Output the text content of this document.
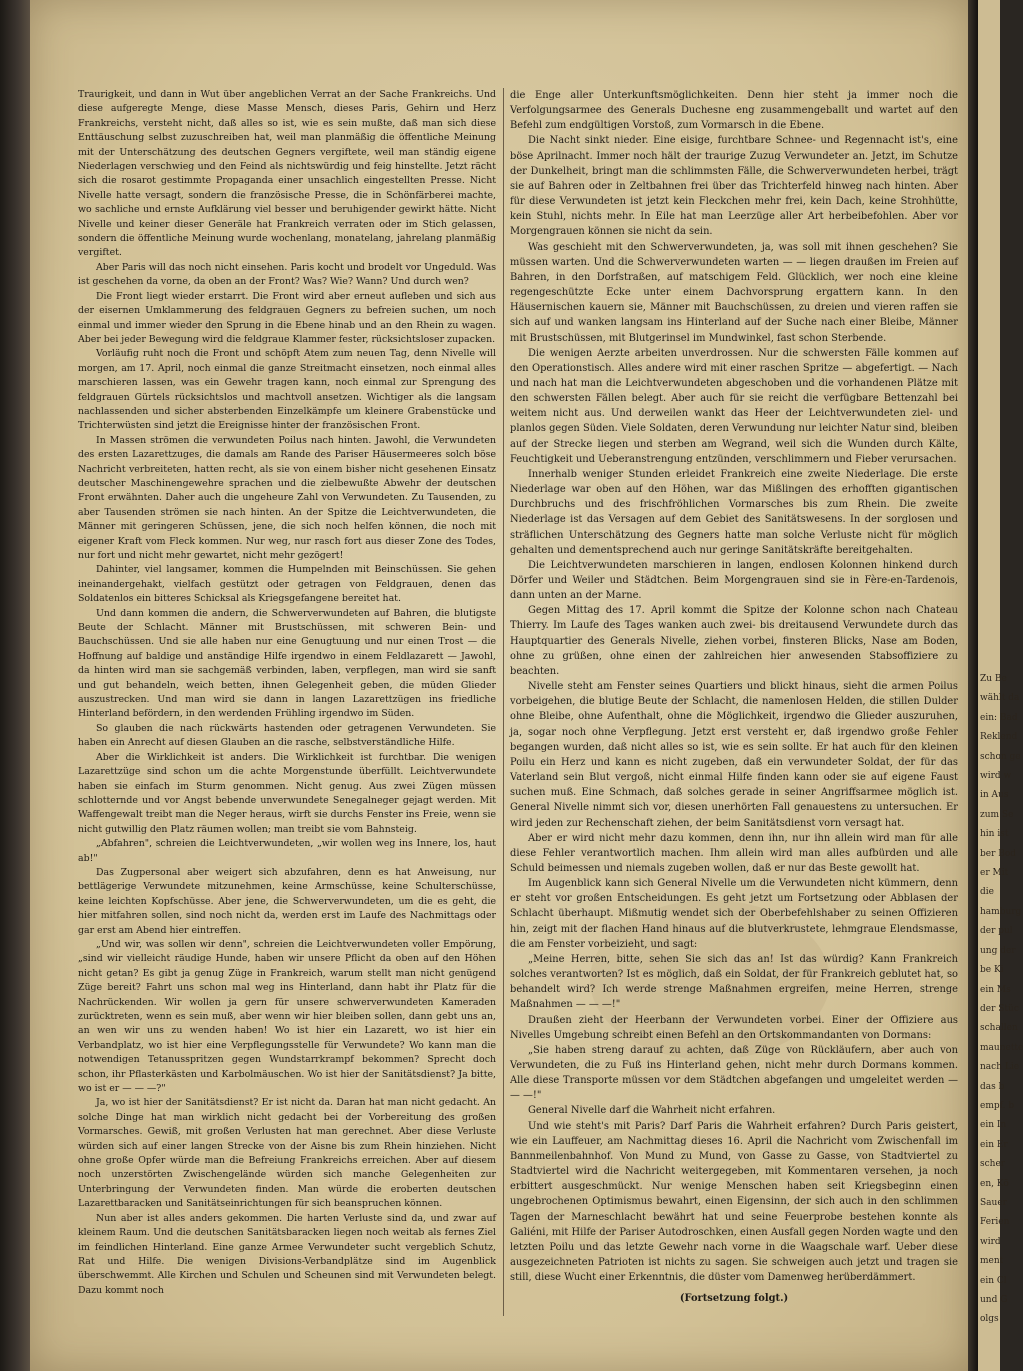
Traurigkeit, und dann in Wut über angeblichen Verrat an der Sache Frankreichs. Und diese aufgeregte Menge, diese Masse Mensch, dieses Paris, Gehirn und Herz Frankreichs, versteht nicht, daß alles so ist, wie es sein mußte, daß man sich diese Enttäuschung selbst zuzuschreiben hat, weil man planmäßig die öffentliche Meinung mit der Unterschätzung des deutschen Gegners vergiftete, weil man ständig eigene Niederlagen verschwieg und den Feind als nichtswürdig und feig hinstellte. Jetzt rächt sich die rosarot gestimmte Propaganda einer unsachlich eingestellten Presse. Nicht Nivelle hatte versagt, sondern die französische Presse, die in Schönfärberei machte, wo sachliche und ernste Aufklärung viel besser und beruhigender gewirkt hätte. Nicht Nivelle und keiner dieser Generäle hat Frankreich verraten oder im Stich gelassen, sondern die öffentliche Meinung wurde wochenlang, monatelang, jahrelang planmäßig vergiftet.

Aber Paris will das noch nicht einsehen. Paris kocht und brodelt vor Ungeduld. Was ist geschehen da vorne, da oben an der Front? Was? Wie? Wann? Und durch wen?

Die Front liegt wieder erstarrt. Die Front wird aber erneut aufleben und sich aus der eisernen Umklammerung des feldgrauen Gegners zu befreien suchen, um noch einmal und immer wieder den Sprung in die Ebene hinab und an den Rhein zu wagen. Aber bei jeder Bewegung wird die feldgraue Klammer fester, rücksichtsloser zupacken.

Vorläufig ruht noch die Front und schöpft Atem zum neuen Tag, denn Nivelle will morgen, am 17. April, noch einmal die ganze Streitmacht einsetzen, noch einmal alles marschieren lassen, was ein Gewehr tragen kann, noch einmal zur Sprengung des feldgrauen Gürtels rücksichtslos und machtvoll ansetzen. Wichtiger als die langsam nachlassenden und sicher absterbenden Einzelkämpfe um kleinere Grabenstücke und Trichterwüsten sind jetzt die Ereignisse hinter der französischen Front.

In Massen strömen die verwundeten Poilus nach hinten. Jawohl, die Verwundeten des ersten Lazarettzuges, die damals am Rande des Pariser Häusermeeres solch böse Nachricht verbreiteten, hatten recht, als sie von einem bisher nicht gesehenen Einsatz deutscher Maschinengewehre sprachen und die zielbewußte Abwehr der deutschen Front erwähnten. Daher auch die ungeheure Zahl von Verwundeten. Zu Tausenden, zu aber Tausenden strömen sie nach hinten. An der Spitze die Leichtverwundeten, die Männer mit geringeren Schüssen, jene, die sich noch helfen können, die noch mit eigener Kraft vom Fleck kommen. Nur weg, nur rasch fort aus dieser Zone des Todes, nur fort und nicht mehr gewartet, nicht mehr gezögert!

Dahinter, viel langsamer, kommen die Humpelnden mit Beinschüssen. Sie gehen ineinandergehakt, vielfach gestützt oder getragen von Feldgrauen, denen das Soldatenlos ein bitteres Schicksal als Kriegsgefangene bereitet hat.

Und dann kommen die andern, die Schwerverwundeten auf Bahren, die blutigste Beute der Schlacht. Männer mit Brustschüssen, mit schweren Bein- und Bauchschüssen. Und sie alle haben nur eine Genugtuung und nur einen Trost — die Hoffnung auf baldige und anständige Hilfe irgendwo in einem Feldlazarett — Jawohl, da hinten wird man sie sachgemäß verbinden, laben, verpflegen, man wird sie sanft und gut behandeln, weich betten, ihnen Gelegenheit geben, die müden Glieder auszustrecken. Und man wird sie dann in langen Lazarettzügen ins friedliche Hinterland befördern, in den werdenden Frühling irgendwo im Süden.

So glauben die nach rückwärts hastenden oder getragenen Verwundeten. Sie haben ein Anrecht auf diesen Glauben an die rasche, selbstverständliche Hilfe.

Aber die Wirklichkeit ist anders. Die Wirklichkeit ist furchtbar. Die wenigen Lazarettzüge sind schon um die achte Morgenstunde überfüllt. Leichtverwundete haben sie einfach im Sturm genommen. Nicht genug. Aus zwei Zügen müssen schlotternde und vor Angst bebende unverwundete Senegalneger gejagt werden. Mit Waffengewalt treibt man die Neger heraus, wirft sie durchs Fenster ins Freie, wenn sie nicht gutwillig den Platz räumen wollen; man treibt sie vom Bahnsteig.

„Abfahren", schreien die Leichtverwundeten, „wir wollen weg ins Innere, los, haut ab!"

Das Zugpersonal aber weigert sich abzufahren, denn es hat Anweisung, nur bettlägerige Verwundete mitzunehmen, keine Armschüsse, keine Schulterschüsse, keine leichten Kopfschüsse. Aber jene, die Schwerverwundeten, um die es geht, die hier mitfahren sollen, sind noch nicht da, werden erst im Laufe des Nachmittags oder gar erst am Abend hier eintreffen.

„Und wir, was sollen wir denn", schreien die Leichtverwundeten voller Empörung, „sind wir vielleicht räudige Hunde, haben wir unsere Pflicht da oben auf den Höhen nicht getan? Es gibt ja genug Züge in Frankreich, warum stellt man nicht genügend Züge bereit? Fahrt uns schon mal weg ins Hinterland, dann habt ihr Platz für die Nachrückenden. Wir wollen ja gern für unsere schwerverwundeten Kameraden zurücktreten, wenn es sein muß, aber wenn wir hier bleiben sollen, dann gebt uns an, an wen wir uns zu wenden haben! Wo ist hier ein Lazarett, wo ist hier ein Verbandplatz, wo ist hier eine Verpflegungsstelle für Verwundete? Wo kann man die notwendigen Tetanusspritzen gegen Wundstarrkrampf bekommen? Sprecht doch schon, ihr Pflasterkästen und Karbolmäuschen. Wo ist hier der Sanitätsdienst? Ja bitte, wo ist er — — —?"

Ja, wo ist hier der Sanitätsdienst? Er ist nicht da. Daran hat man nicht gedacht. An solche Dinge hat man wirklich nicht gedacht bei der Vorbereitung des großen Vormarsches. Gewiß, mit großen Verlusten hat man gerechnet. Aber diese Verluste würden sich auf einer langen Strecke von der Aisne bis zum Rhein hinziehen. Nicht ohne große Opfer würde man die Befreiung Frankreichs erreichen. Aber auf diesem noch unzerstörten Zwischengelände würden sich manche Gelegenheiten zur Unterbringung der Verwundeten finden. Man würde die eroberten deutschen Lazarettbaracken und Sanitätseinrichtungen für sich beanspruchen können.

Nun aber ist alles anders gekommen. Die harten Verluste sind da, und zwar auf kleinem Raum. Und die deutschen Sanitätsbaracken liegen noch weitab als fernes Ziel im feindlichen Hinterland. Eine ganze Armee Verwundeter sucht vergeblich Schutz, Rat und Hilfe. Die wenigen Divisions-Verbandplätze sind im Augenblick überschwemmt. Alle Kirchen und Schulen und Scheunen sind mit Verwundeten belegt. Dazu kommt noch

die Enge aller Unterkunftsmöglichkeiten. Denn hier steht ja immer noch die Verfolgungsarmee des Generals Duchesne eng zusammengeballt und wartet auf den Befehl zum endgültigen Vorstoß, zum Vormarsch in die Ebene.

Die Nacht sinkt nieder. Eine eisige, furchtbare Schnee- und Regennacht ist's, eine böse Aprilnacht. Immer noch hält der traurige Zuzug Verwundeter an. Jetzt, im Schutze der Dunkelheit, bringt man die schlimmsten Fälle, die Schwerverwundeten herbei, trägt sie auf Bahren oder in Zeltbahnen frei über das Trichterfeld hinweg nach hinten. Aber für diese Verwundeten ist jetzt kein Fleckchen mehr frei, kein Dach, keine Strohhütte, kein Stuhl, nichts mehr. In Eile hat man Leerzüge aller Art herbeibefohlen. Aber vor Morgengrauen können sie nicht da sein.

Was geschieht mit den Schwerverwundeten, ja, was soll mit ihnen geschehen? Sie müssen warten. Und die Schwerverwundeten warten — — liegen draußen im Freien auf Bahren, in den Dorfstraßen, auf matschigem Feld. Glücklich, wer noch eine kleine regengeschützte Ecke unter einem Dachvorsprung ergattern kann. In den Häusernischen kauern sie, Männer mit Bauchschüssen, zu dreien und vieren raffen sie sich auf und wanken langsam ins Hinterland auf der Suche nach einer Bleibe, Männer mit Brustschüssen, mit Blutgerinsel im Mundwinkel, fast schon Sterbende.

Die wenigen Aerzte arbeiten unverdrossen. Nur die schwersten Fälle kommen auf den Operationstisch. Alles andere wird mit einer raschen Spritze — abgefertigt. — Nach und nach hat man die Leichtverwundeten abgeschoben und die vorhandenen Plätze mit den schwersten Fällen belegt. Aber auch für sie reicht die verfügbare Bettenzahl bei weitem nicht aus. Und derweilen wankt das Heer der Leichtverwundeten ziel- und planlos gegen Süden. Viele Soldaten, deren Verwundung nur leichter Natur sind, bleiben auf der Strecke liegen und sterben am Wegrand, weil sich die Wunden durch Kälte, Feuchtigkeit und Ueberanstrengung entzünden, verschlimmern und Fieber verursachen.

Innerhalb weniger Stunden erleidet Frankreich eine zweite Niederlage. Die erste Niederlage war oben auf den Höhen, war das Mißlingen des erhofften gigantischen Durchbruchs und des frischfröhlichen Vormarsches bis zum Rhein. Die zweite Niederlage ist das Versagen auf dem Gebiet des Sanitätswesens. In der sorglosen und sträflichen Unterschätzung des Gegners hatte man solche Verluste nicht für möglich gehalten und dementsprechend auch nur geringe Sanitätskräfte bereitgehalten.

Die Leichtverwundeten marschieren in langen, endlosen Kolonnen hinkend durch Dörfer und Weiler und Städtchen. Beim Morgengrauen sind sie in Fère-en-Tardenois, dann unten an der Marne.

Gegen Mittag des 17. April kommt die Spitze der Kolonne schon nach Chateau Thierry. Im Laufe des Tages wanken auch zwei- bis dreitausend Verwundete durch das Hauptquartier des Generals Nivelle, ziehen vorbei, finsteren Blicks, Nase am Boden, ohne zu grüßen, ohne einen der zahlreichen hier anwesenden Stabsoffiziere zu beachten.

Nivelle steht am Fenster seines Quartiers und blickt hinaus, sieht die armen Poilus vorbeigehen, die blutige Beute der Schlacht, die namenlosen Helden, die stillen Dulder ohne Bleibe, ohne Aufenthalt, ohne die Möglichkeit, irgendwo die Glieder auszuruhen, ja, sogar noch ohne Verpflegung. Jetzt erst versteht er, daß irgendwo große Fehler begangen wurden, daß nicht alles so ist, wie es sein sollte. Er hat auch für den kleinen Poilu ein Herz und kann es nicht zugeben, daß ein verwundeter Soldat, der für das Vaterland sein Blut vergoß, nicht einmal Hilfe finden kann oder sie auf eigene Faust suchen muß. Eine Schmach, daß solches gerade in seiner Angriffsarmee möglich ist. General Nivelle nimmt sich vor, diesen unerhörten Fall genauestens zu untersuchen. Er wird jeden zur Rechenschaft ziehen, der beim Sanitätsdienst vorn versagt hat.

Aber er wird nicht mehr dazu kommen, denn ihn, nur ihn allein wird man für alle diese Fehler verantwortlich machen. Ihm allein wird man alles aufbürden und alle Schuld beimessen und niemals zugeben wollen, daß er nur das Beste gewollt hat.

Im Augenblick kann sich General Nivelle um die Verwundeten nicht kümmern, denn er steht vor großen Entscheidungen. Es geht jetzt um Fortsetzung oder Abblasen der Schlacht überhaupt. Mißmutig wendet sich der Oberbefehlshaber zu seinen Offizieren hin, zeigt mit der flachen Hand hinaus auf die blutverkrustete, lehmgraue Elendsmasse, die am Fenster vorbeizieht, und sagt:

„Meine Herren, bitte, sehen Sie sich das an! Ist das würdig? Kann Frankreich solches verantworten? Ist es möglich, daß ein Soldat, der für Frankreich geblutet hat, so behandelt wird? Ich werde strenge Maßnahmen ergreifen, meine Herren, strenge Maßnahmen — — —!"

Draußen zieht der Heerbann der Verwundeten vorbei. Einer der Offiziere aus Nivelles Umgebung schreibt einen Befehl an den Ortskommandanten von Dormans:

„Sie haben streng darauf zu achten, daß Züge von Rückläufern, aber auch von Verwundeten, die zu Fuß ins Hinterland gehen, nicht mehr durch Dormans kommen. Alle diese Transporte müssen vor dem Städtchen abgefangen und umgeleitet werden — — —!"

General Nivelle darf die Wahrheit nicht erfahren.

Und wie steht's mit Paris? Darf Paris die Wahrheit erfahren? Durch Paris geistert, wie ein Lauffeuer, am Nachmittag dieses 16. April die Nachricht vom Zwischenfall im Bannmeilenbahnhof. Von Mund zu Mund, von Gasse zu Gasse, von Stadtviertel zu Stadtviertel wird die Nachricht weitergegeben, mit Kommentaren versehen, ja noch erbittert ausgeschmückt. Nur wenige Menschen haben seit Kriegsbeginn einen ungebrochenen Optimismus bewahrt, einen Eigensinn, der sich auch in den schlimmen Tagen der Marneschlacht bewährt hat und seine Feuerprobe bestehen konnte als Galiéni, mit Hilfe der Pariser Autodroschken, einen Ausfall gegen Norden wagte und den letzten Poilu und das letzte Gewehr nach vorne in die Waagschale warf. Ueber diese ausgezeichneten Patrioten ist nichts zu sagen. Sie schweigen auch jetzt und tragen sie still, diese Wucht einer Erkenntnis, die düster vom Damenweg herüberdämmert.

(Fortsetzung folgt.)

Zu Be
wählt da
ein: Bad
Reklend
schon ge
wird w
in Aus
zum Se
hin ist
ber Bod
er Mit
die
hamburg
der pul
ung der
be Ki
ein Ms
der Stüc
schallen
maunette
nach Lie
das b
empf. b
ein In
ein Er
scher
en, Kö
Sauer
Ferien
wird
ment
ein Cl
und G
olgs
